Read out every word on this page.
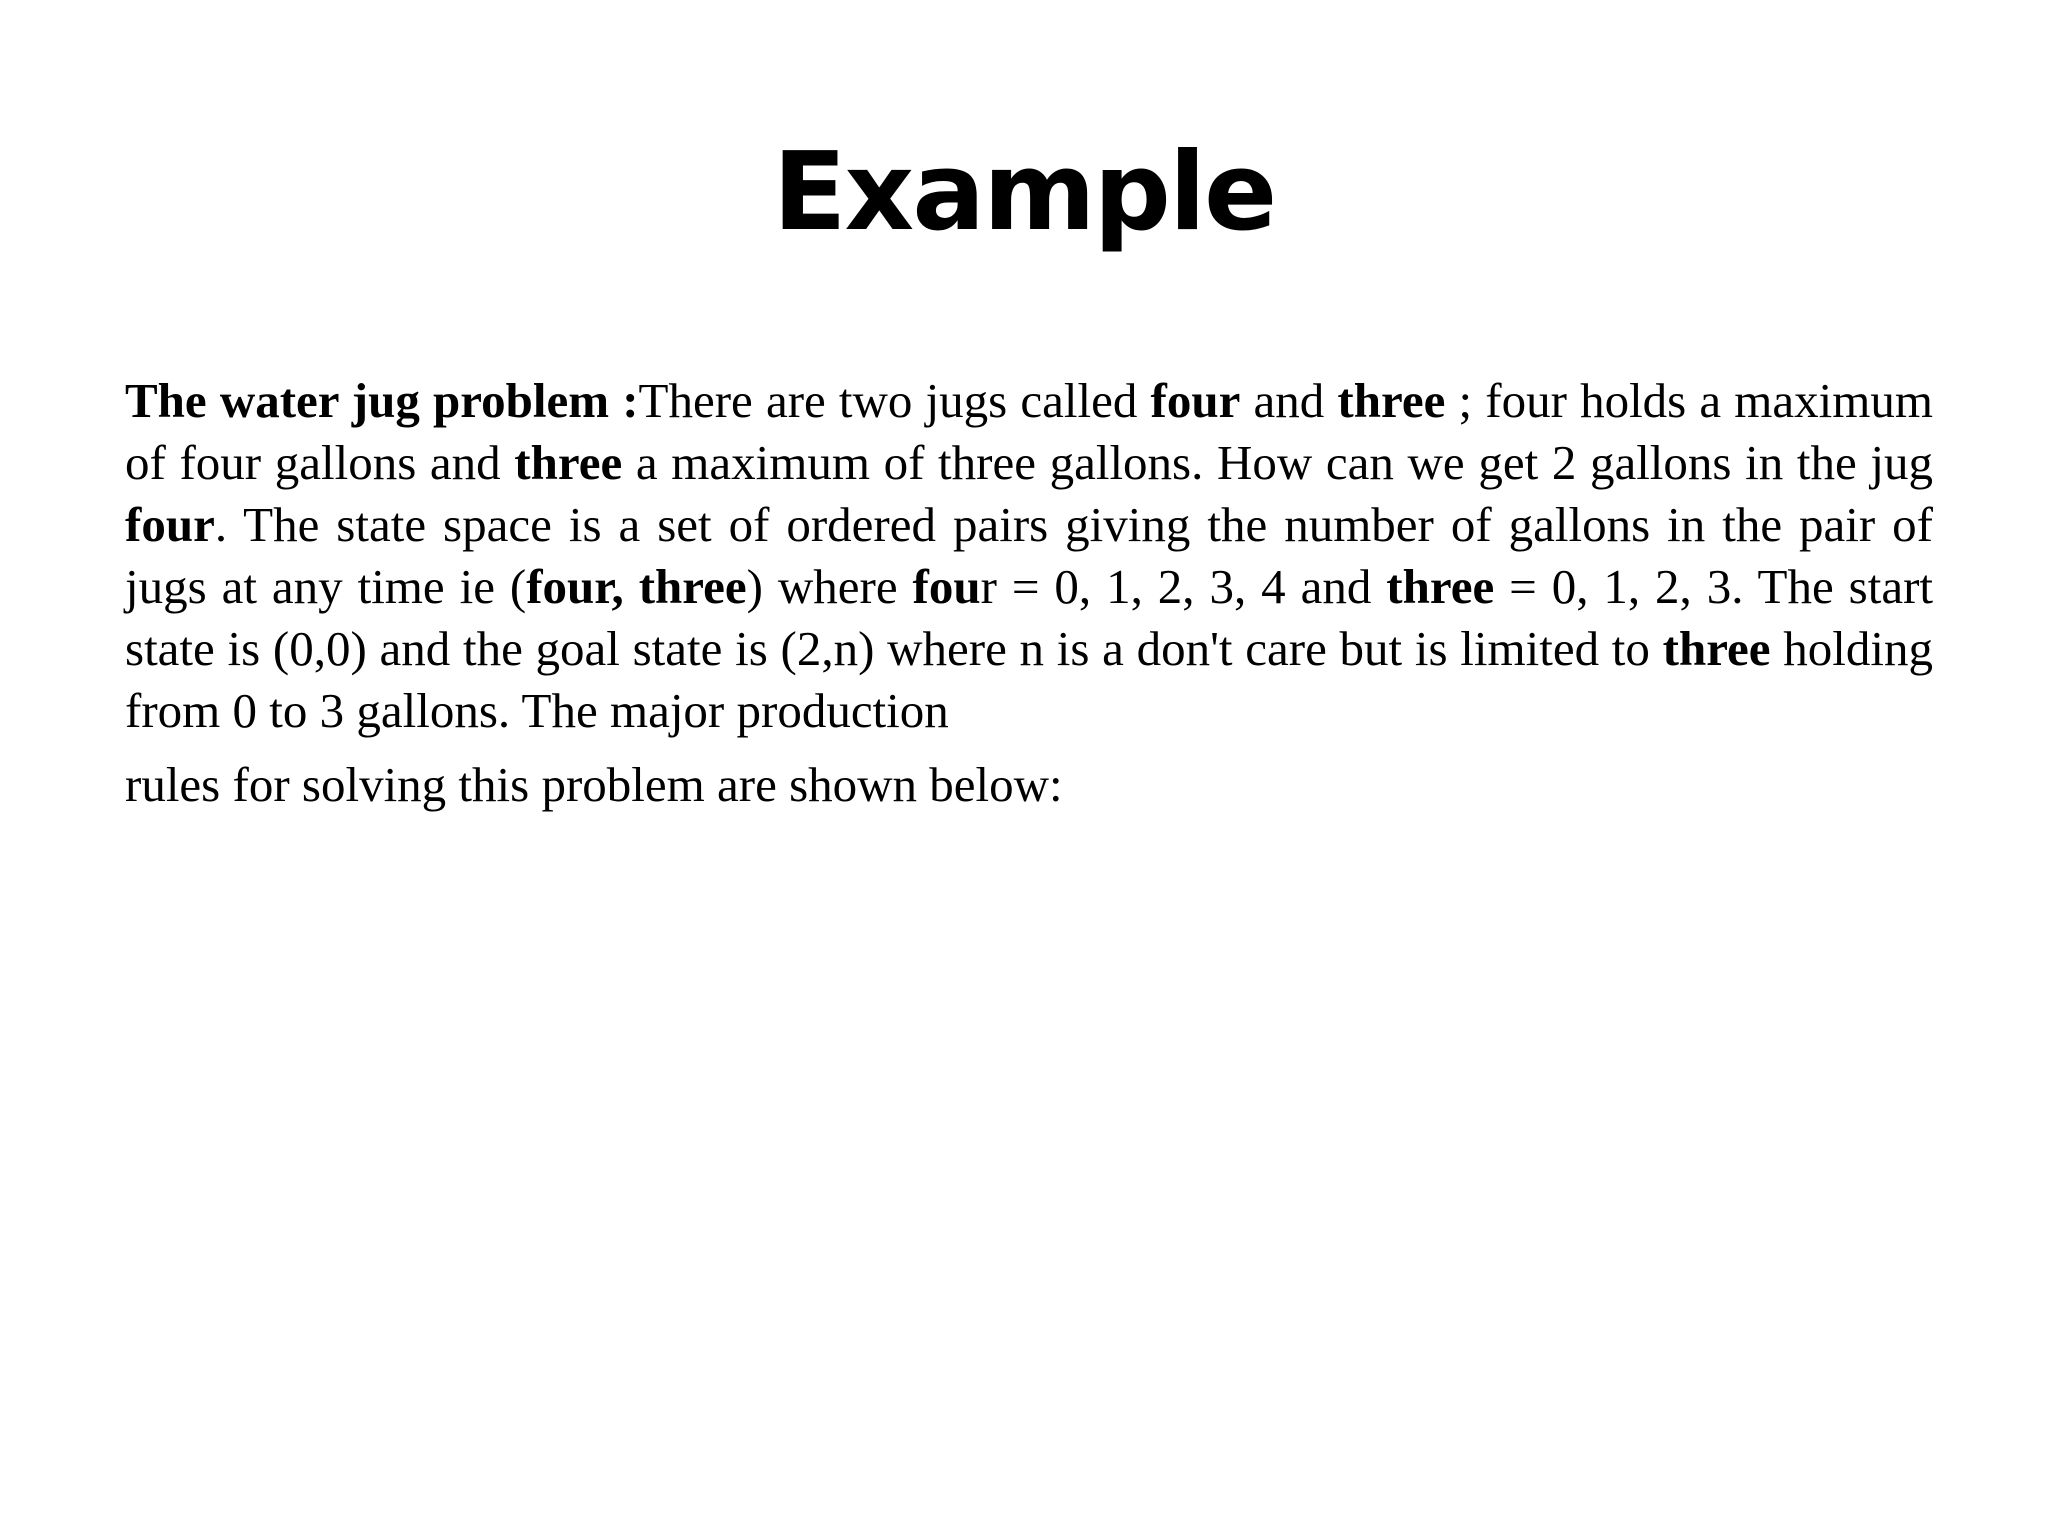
Example

The water jug problem :There are two jugs called four and three ; four holds a maximum of four gallons and three a maximum of three gallons. How can we get 2 gallons in the jug four. The state space is a set of ordered pairs giving the number of gallons in the pair of jugs at any time ie (four, three) where four = 0, 1, 2, 3, 4 and three = 0, 1, 2, 3. The start state is (0,0) and the goal state is (2,n) where n is a don't care but is limited to three holding from 0 to 3 gallons. The major production

rules for solving this problem are shown below:
